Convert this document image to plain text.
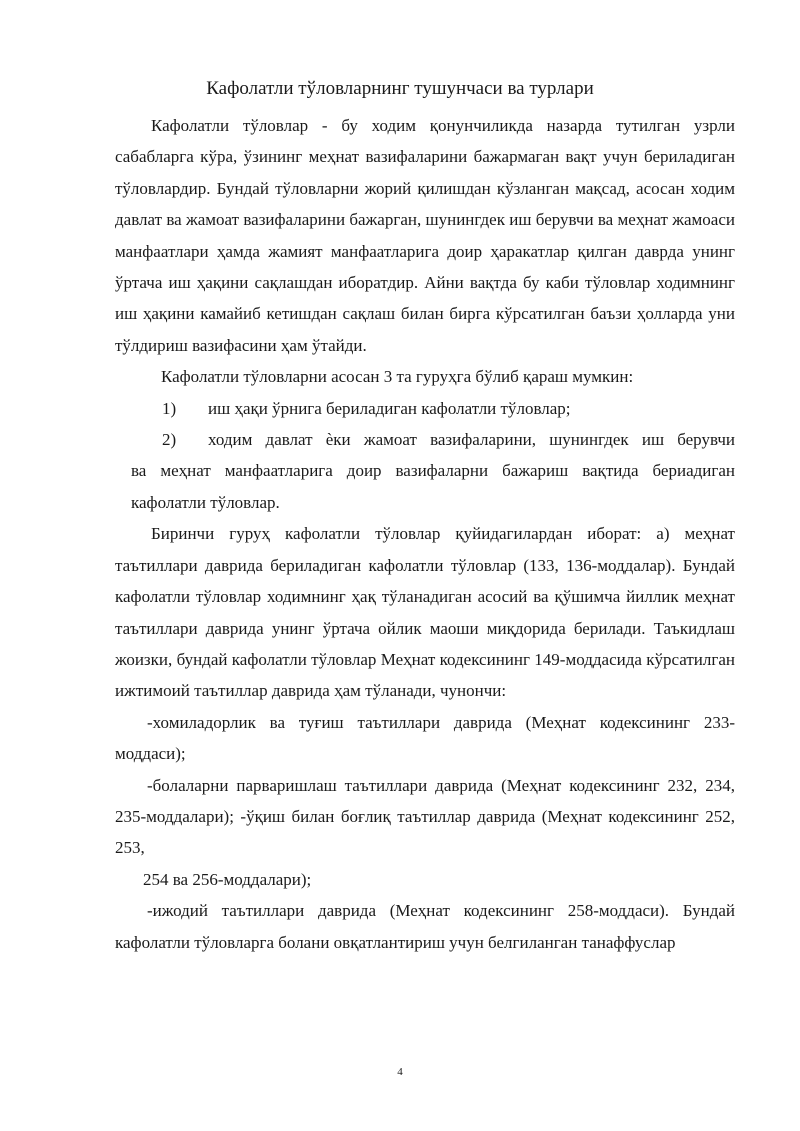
Кафолатли тўловларнинг тушунчаси ва турлари

Кафолатли тўловлар - бу ходим қонунчиликда назарда тутилган узрли сабабларга кўра, ўзининг меҳнат вазифаларини бажармаган вақт учун бериладиган тўловлардир. Бундай тўловларни жорий қилишдан кўзланган мақсад, асосан ходим давлат ва жамоат вазифаларини бажарган, шунингдек иш берувчи ва меҳнат жамоаси манфаатлари ҳамда жамият манфаатларига доир ҳаракатлар қилган даврда унинг ўртача иш ҳақини сақлашдан иборатдир. Айни вақтда бу каби тўловлар ходимнинг иш ҳақини камайиб кетишдан сақлаш билан бирга кўрсатилган баъзи ҳолларда уни тўлдириш вазифасини ҳам ўтайди.

Кафолатли тўловларни асосан 3 та гуруҳга бўлиб қараш мумкин:

1)	иш ҳақи ўрнига бериладиган кафолатли тўловлар;
2)	ходим давлат ѐки жамоат вазифаларини, шунингдек иш берувчи

ва меҳнат манфаатларига доир вазифаларни бажариш вақтида бериадиган кафолатли тўловлар.

Биринчи гуруҳ кафолатли тўловлар қуйидагилардан иборат: а) меҳнат таътиллари даврида бериладиган кафолатли тўловлар (133, 136-моддалар). Бундай кафолатли тўловлар ходимнинг ҳақ тўланадиган асосий ва қўшимча йиллик меҳнат таътиллари даврида унинг ўртача ойлик маоши миқдорида берилади. Таъкидлаш жоизки, бундай кафолатли тўловлар Меҳнат кодексининг 149-моддасида кўрсатилган ижтимоий таътиллар даврида ҳам тўланади, чунончи:

-хомиладорлик ва туғиш таътиллари даврида (Меҳнат кодексининг 233-моддаси);

-болаларни парваришлаш таътиллари даврида (Меҳнат кодексининг 232, 234, 235-моддалари); -ўқиш билан боғлиқ таътиллар даврида (Меҳнат кодексининг 252, 253,

254 ва 256-моддалари);

-ижодий таътиллари даврида (Меҳнат кодексининг 258-моддаси). Бундай кафолатли тўловларга болани овқатлантириш учун белгиланган танаффуслар

4
